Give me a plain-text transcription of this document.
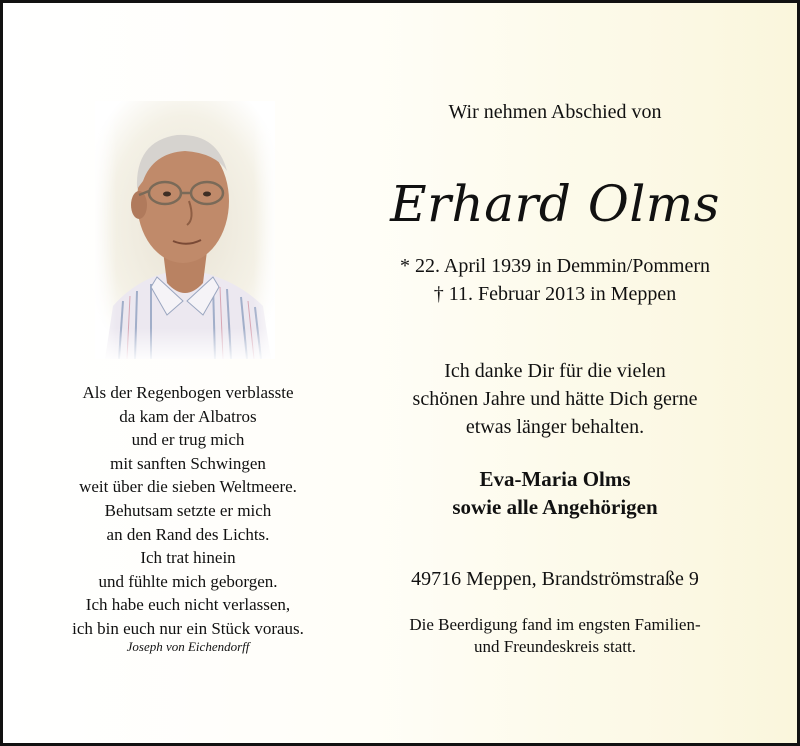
Als der Regenbogen verblasste
da kam der Albatros
und er trug mich
mit sanften Schwingen
weit über die sieben Weltmeere.
Behutsam setzte er mich
an den Rand des Lichts.
Ich trat hinein
und fühlte mich geborgen.
Ich habe euch nicht verlassen,
ich bin euch nur ein Stück voraus.
Joseph von Eichendorff
Wir nehmen Abschied von
Erhard Olms
* 22. April 1939 in Demmin/Pommern
† 11. Februar 2013 in Meppen
Ich danke Dir für die vielen
schönen Jahre und hätte Dich gerne
etwas länger behalten.
Eva-Maria Olms
sowie alle Angehörigen
49716 Meppen, Brandströmstraße 9
Die Beerdigung fand im engsten Familien-
und Freundeskreis statt.
